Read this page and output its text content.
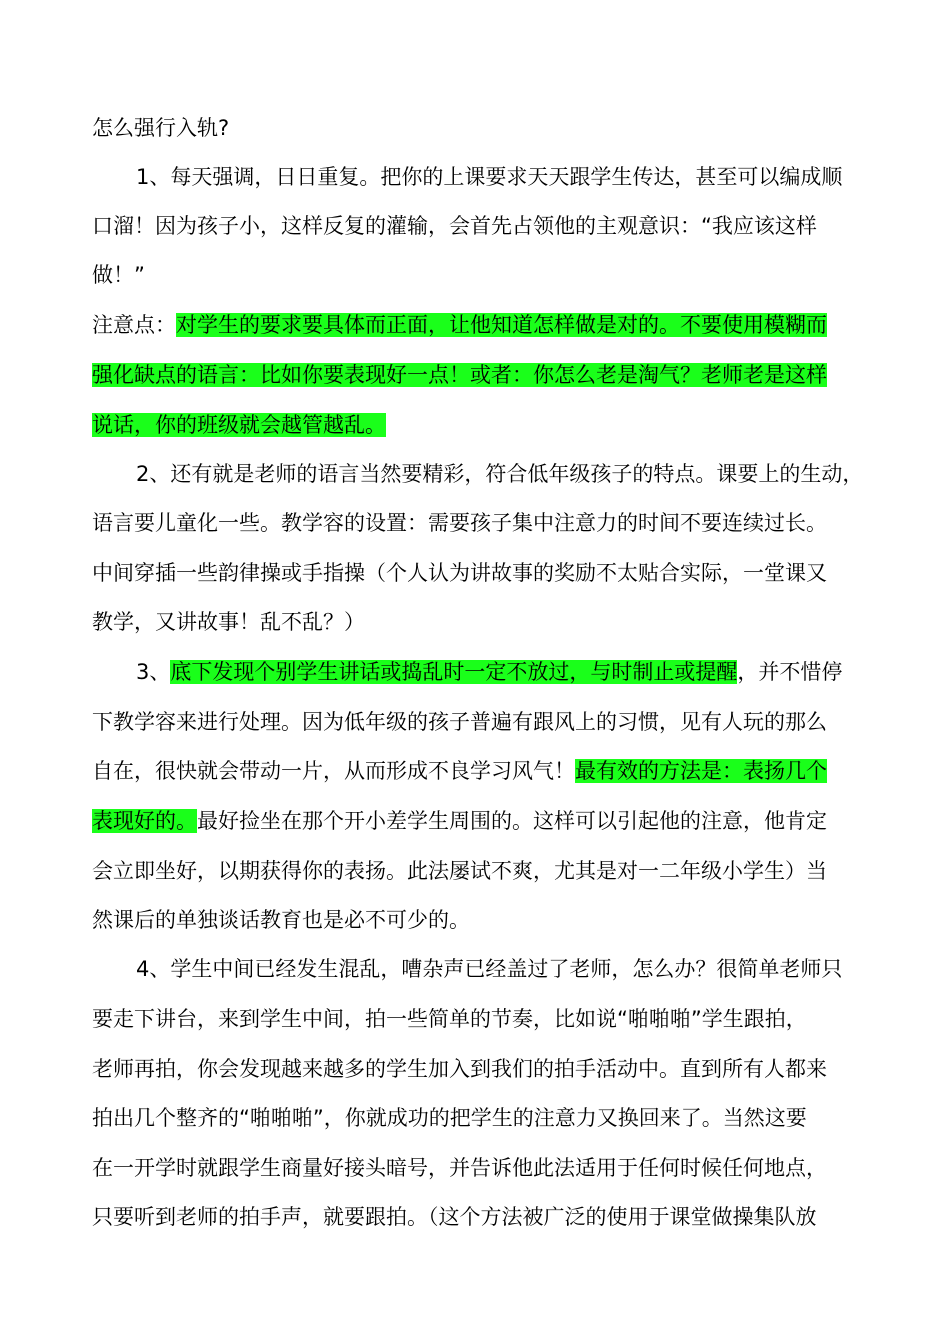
怎么强行入轨?
1、每天强调，日日重复。把你的上课要求天天跟学生传达，甚至可以编成顺
口溜！因为孩子小，这样反复的灌输，会首先占领他的主观意识：“我应该这样
做！”
注意点：对学生的要求要具体而正面，让他知道怎样做是对的。不要使用模糊而
强化缺点的语言：比如你要表现好一点！或者：你怎么老是淘气？老师老是这样
说话，你的班级就会越管越乱。
2、还有就是老师的语言当然要精彩，符合低年级孩子的特点。课要上的生动，
语言要儿童化一些。教学容的设置：需要孩子集中注意力的时间不要连续过长。
中间穿插一些韵律操或手指操（个人认为讲故事的奖励不太贴合实际，一堂课又
教学，又讲故事！乱不乱？）
3、底下发现个别学生讲话或捣乱时一定不放过，与时制止或提醒，并不惜停
下教学容来进行处理。因为低年级的孩子普遍有跟风上的习惯，见有人玩的那么
自在，很快就会带动一片，从而形成不良学习风气！最有效的方法是：表扬几个
表现好的。最好捡坐在那个开小差学生周围的。这样可以引起他的注意，他肯定
会立即坐好，以期获得你的表扬。此法屡试不爽，尤其是对一二年级小学生）当
然课后的单独谈话教育也是必不可少的。
4、学生中间已经发生混乱，嘈杂声已经盖过了老师，怎么办？很简单老师只
要走下讲台，来到学生中间，拍一些简单的节奏，比如说“啪啪啪”学生跟拍，
老师再拍，你会发现越来越多的学生加入到我们的拍手活动中。直到所有人都来
拍出几个整齐的“啪啪啪”，你就成功的把学生的注意力又换回来了。当然这要
在一开学时就跟学生商量好接头暗号，并告诉他此法适用于任何时候任何地点，
只要听到老师的拍手声，就要跟拍。（这个方法被广泛的使用于课堂做操集队放
